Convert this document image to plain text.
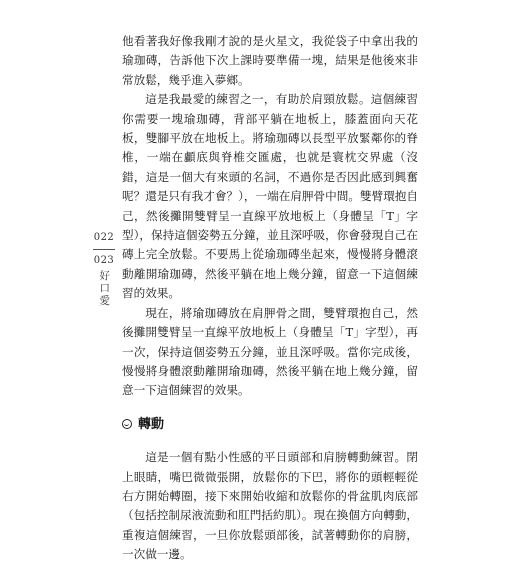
022
023
好口愛

他看著我好像我剛才說的是火星文，我從袋子中拿出我的瑜珈磚，告訴他下次上課時要準備一塊，結果是他後來非常放鬆，幾乎進入夢鄉。

這是我最愛的練習之一，有助於肩頸放鬆。這個練習你需要一塊瑜珈磚，背部平躺在地板上，膝蓋面向天花板，雙腳平放在地板上。將瑜珈磚以長型平放緊鄰你的脊椎，一端在顱底與脊椎交匯處，也就是寰枕交界處（沒錯，這是一個大有來頭的名詞，不過你是否因此感到興奮呢？還是只有我才會？），一端在肩胛骨中間。雙臂環抱自己，然後攤開雙臂呈一直線平放地板上（身體呈「T」字型），保持這個姿勢五分鐘，並且深呼吸，你會發現自己在磚上完全放鬆。不要馬上從瑜珈磚坐起來，慢慢將身體滾動離開瑜珈磚，然後平躺在地上幾分鐘，留意一下這個練習的效果。

現在，將瑜珈磚放在肩胛骨之間，雙臂環抱自己，然後攤開雙臂呈一直線平放地板上（身體呈「T」字型），再一次，保持這個姿勢五分鐘，並且深呼吸。當你完成後，慢慢將身體滾動離開瑜珈磚，然後平躺在地上幾分鐘，留意一下這個練習的效果。

轉動

這是一個有點小性感的平日頭部和肩膀轉動練習。閉上眼睛，嘴巴微微張開，放鬆你的下巴，將你的頭輕輕從右方開始轉圈，接下來開始收縮和放鬆你的骨盆肌肉底部（包括控制尿液流動和肛門括約肌）。現在換個方向轉動，重複這個練習，一旦你放鬆頭部後，試著轉動你的肩膀，一次做一邊。
